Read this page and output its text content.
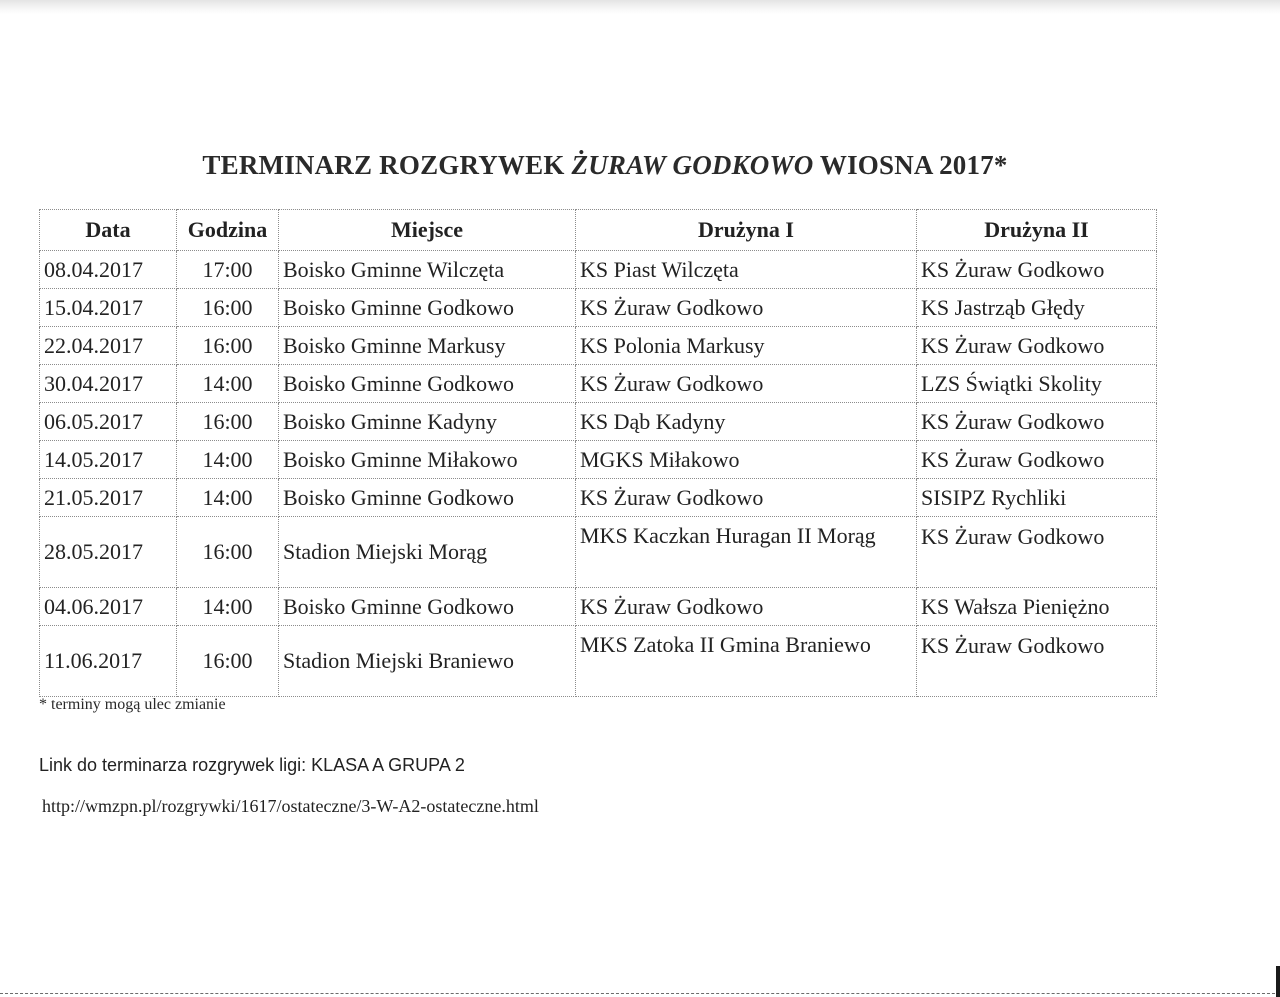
TERMINARZ ROZGRYWEK ŻURAW GODKOWO WIOSNA 2017*
Data	Godzina	Miejsce	Drużyna I	Drużyna II
08.04.2017	17:00	Boisko Gminne Wilczęta	KS Piast Wilczęta	KS Żuraw Godkowo
15.04.2017	16:00	Boisko Gminne Godkowo	KS Żuraw Godkowo	KS Jastrząb Głędy
22.04.2017	16:00	Boisko Gminne Markusy	KS Polonia Markusy	KS Żuraw Godkowo
30.04.2017	14:00	Boisko Gminne Godkowo	KS Żuraw Godkowo	LZS Świątki Skolity
06.05.2017	16:00	Boisko Gminne Kadyny	KS Dąb Kadyny	KS Żuraw Godkowo
14.05.2017	14:00	Boisko Gminne Miłakowo	MGKS Miłakowo	KS Żuraw Godkowo
21.05.2017	14:00	Boisko Gminne Godkowo	KS Żuraw Godkowo	SISIPZ Rychliki
28.05.2017	16:00	Stadion Miejski Morąg	MKS Kaczkan Huragan II Morąg	KS Żuraw Godkowo
04.06.2017	14:00	Boisko Gminne Godkowo	KS Żuraw Godkowo	KS Wałsza Pieniężno
11.06.2017	16:00	Stadion Miejski Braniewo	MKS Zatoka II Gmina Braniewo	KS Żuraw Godkowo
* terminy mogą ulec zmianie
Link do terminarza rozgrywek ligi: KLASA A GRUPA 2
http://wmzpn.pl/rozgrywki/1617/ostateczne/3-W-A2-ostateczne.html
